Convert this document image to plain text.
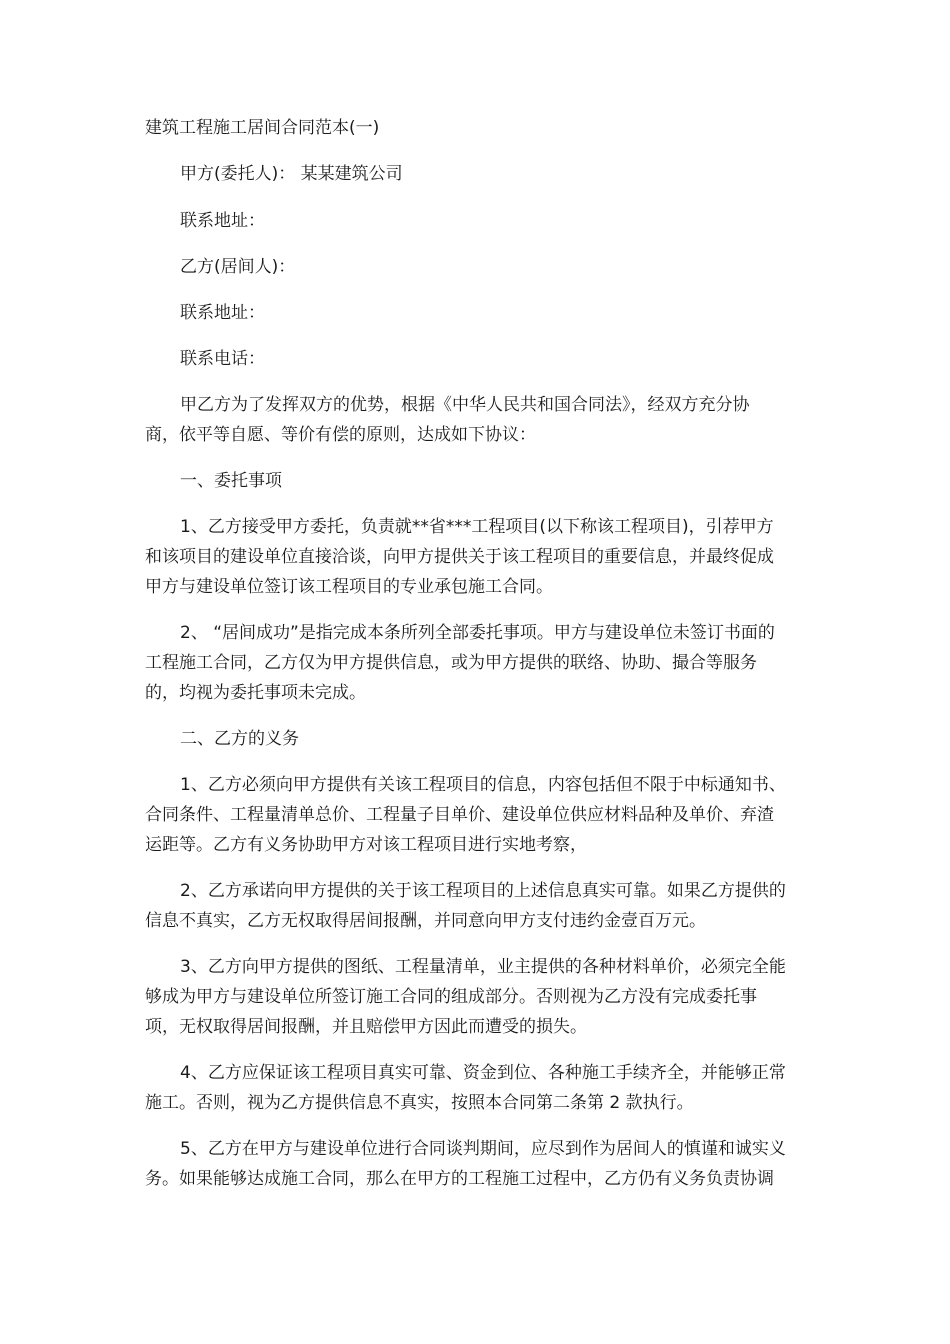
建筑工程施工居间合同范本(一)
甲方(委托人)： 某某建筑公司
联系地址：
乙方(居间人)：
联系地址：
联系电话：
甲乙方为了发挥双方的优势，根据《中华人民共和国合同法》，经双方充分协
商，依平等自愿、等价有偿的原则，达成如下协议：
一、委托事项
1、乙方接受甲方委托，负责就**省***工程项目(以下称该工程项目)，引荐甲方
和该项目的建设单位直接洽谈，向甲方提供关于该工程项目的重要信息，并最终促成
甲方与建设单位签订该工程项目的专业承包施工合同。
2、 “居间成功”是指完成本条所列全部委托事项。甲方与建设单位未签订书面的
工程施工合同，乙方仅为甲方提供信息，或为甲方提供的联络、协助、撮合等服务
的，均视为委托事项未完成。
二、乙方的义务
1、乙方必须向甲方提供有关该工程项目的信息，内容包括但不限于中标通知书、
合同条件、工程量清单总价、工程量子目单价、建设单位供应材料品种及单价、弃渣
运距等。乙方有义务协助甲方对该工程项目进行实地考察，
2、乙方承诺向甲方提供的关于该工程项目的上述信息真实可靠。如果乙方提供的
信息不真实，乙方无权取得居间报酬，并同意向甲方支付违约金壹百万元。
3、乙方向甲方提供的图纸、工程量清单，业主提供的各种材料单价，必须完全能
够成为甲方与建设单位所签订施工合同的组成部分。否则视为乙方没有完成委托事
项，无权取得居间报酬，并且赔偿甲方因此而遭受的损失。
4、乙方应保证该工程项目真实可靠、资金到位、各种施工手续齐全，并能够正常
施工。否则，视为乙方提供信息不真实，按照本合同第二条第 2 款执行。
5、乙方在甲方与建设单位进行合同谈判期间，应尽到作为居间人的慎谨和诚实义
务。如果能够达成施工合同，那么在甲方的工程施工过程中，乙方仍有义务负责协调
